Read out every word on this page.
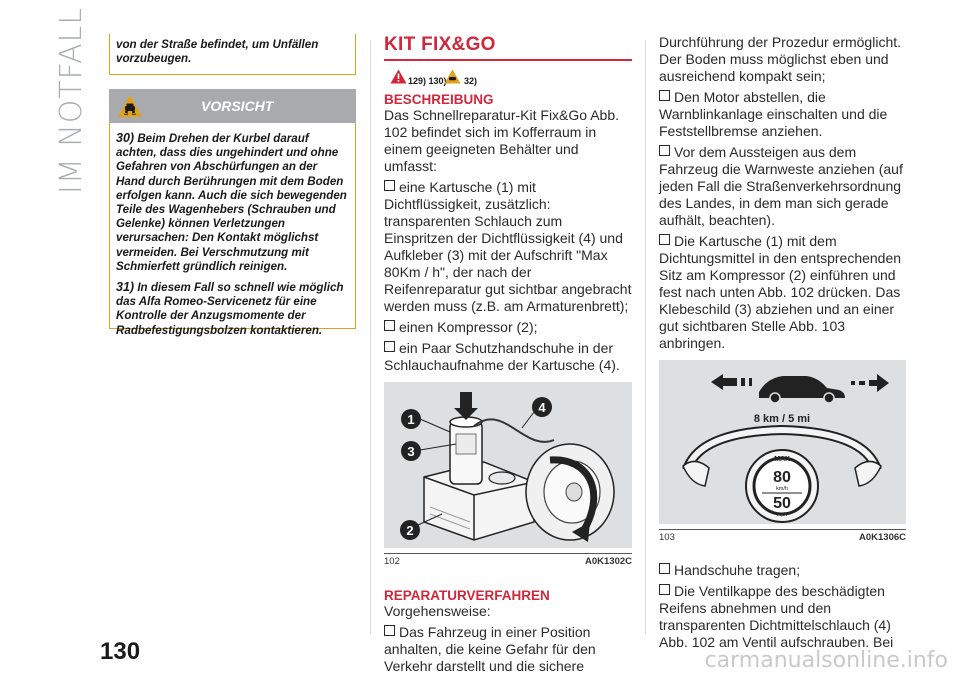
IM NOTFALL	von der Straße befindet, um Unfällen vorzubeugen.
VORSICHT

30) Beim Drehen der Kurbel darauf achten, dass dies ungehindert und ohne Gefahren von Abschürfungen an der Hand durch Berührungen mit dem Boden erfolgen kann. Auch die sich bewegenden Teile des Wagenhebers (Schrauben und Gelenke) können Verletzungen verursachen: Den Kontakt möglichst vermeiden. Bei Verschmutzung mit Schmierfett gründlich reinigen.

31) In diesem Fall so schnell wie möglich das Alfa Romeo-Servicenetz für eine Kontrolle der Anzugsmomente der Radbefestigungsbolzen kontaktieren.

KIT FIX&GO
129) 130) 32)
BESCHREIBUNG

Das Schnellreparatur-Kit Fix&Go Abb. 102 befindet sich im Kofferraum in einem geeigneten Behälter und umfasst:

eine Kartusche (1) mit Dichtflüssigkeit, zusätzlich: transparenten Schlauch zum Einspritzen der Dichtflüssigkeit (4) und Aufkleber (3) mit der Aufschrift "Max 80Km / h", der nach der Reifenreparatur gut sichtbar angebracht werden muss (z.B. am Armaturenbrett);

einen Kompressor (2);

ein Paar Schutzhandschuhe in der Schlauchaufnahme der Kartusche (4).

1
3
2
4
102	A0K1302C
REPARATURVERFAHREN

Vorgehensweise:

Das Fahrzeug in einer Position anhalten, die keine Gefahr für den Verkehr darstellt und die sichere

Durchführung der Prozedur ermöglicht. Der Boden muss möglichst eben und ausreichend kompakt sein;

Den Motor abstellen, die Warnblinkanlage einschalten und die Feststellbremse anziehen.

Vor dem Aussteigen aus dem Fahrzeug die Warnweste anziehen (auf jeden Fall die Straßenverkehrsordnung des Landes, in dem man sich gerade aufhält, beachten).

Die Kartusche (1) mit dem Dichtungsmittel in den entsprechenden Sitz am Kompressor (2) einführen und fest nach unten Abb. 102 drücken. Das Klebeschild (3) abziehen und an einer gut sichtbaren Stelle Abb. 103 anbringen.

8 km / 5 mi
MAX
80
km/h
50
mph
103	A0K1306C

Handschuhe tragen;

Die Ventilkappe des beschädigten Reifens abnehmen und den transparenten Dichtmittelschlauch (4) Abb. 102 am Ventil aufschrauben. Bei

130	carmanualsonline.info
